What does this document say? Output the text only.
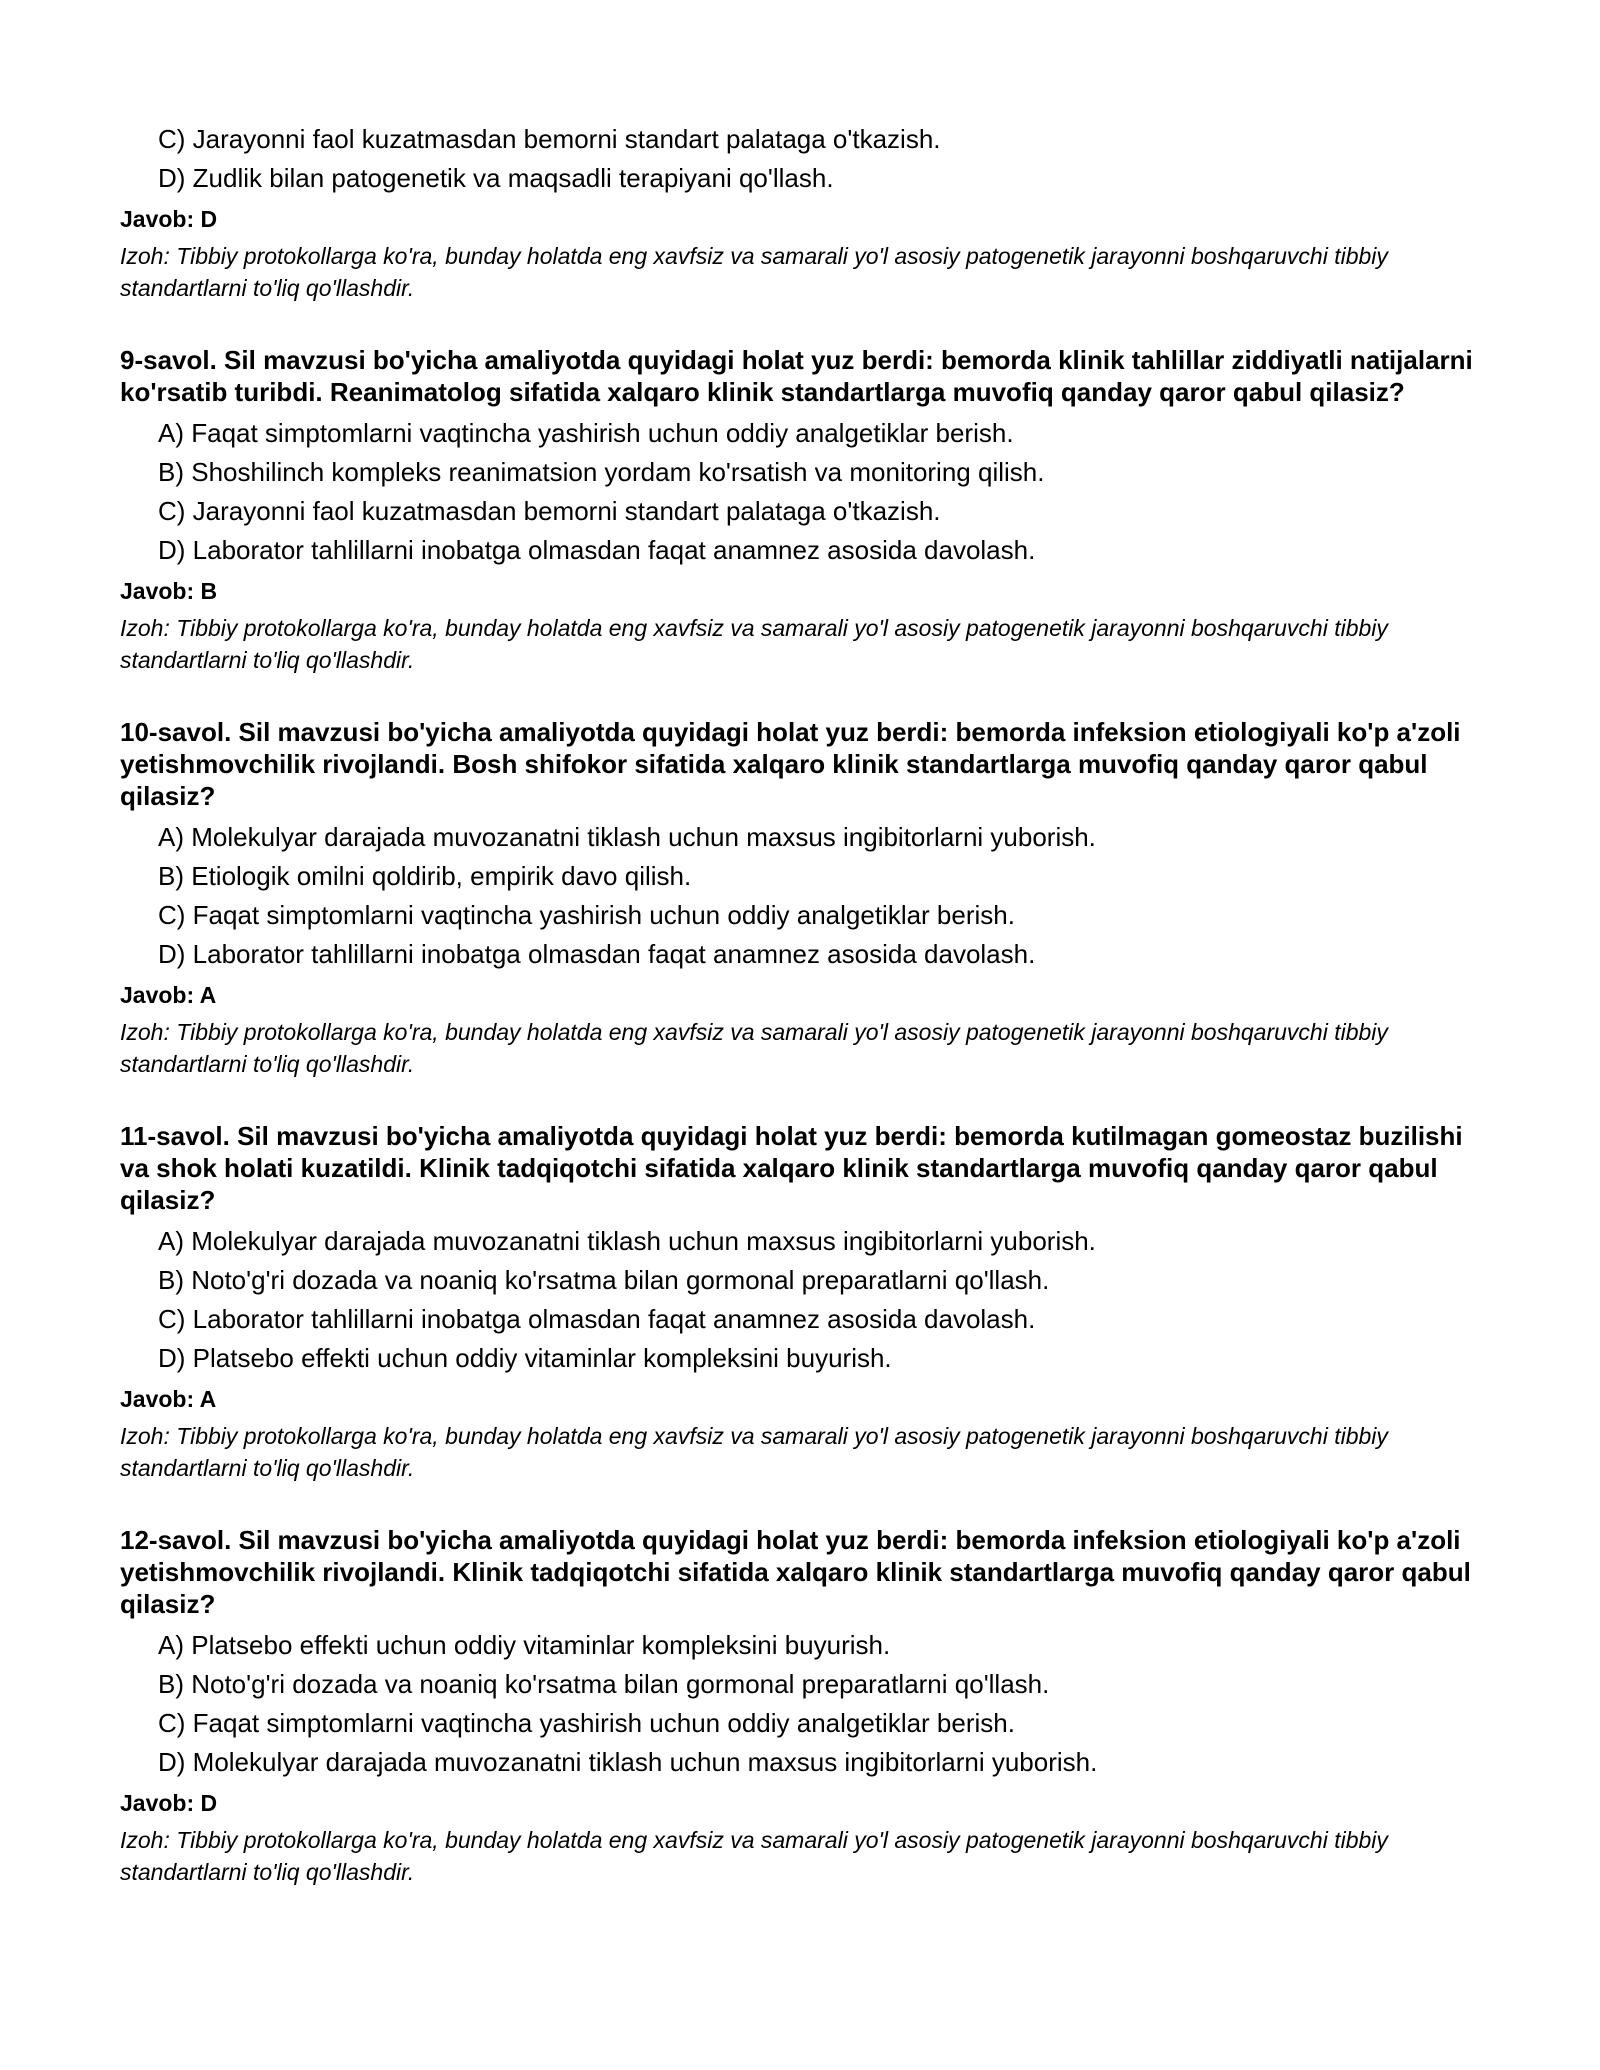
C) Jarayonni faol kuzatmasdan bemorni standart palataga o'tkazish.

D) Zudlik bilan patogenetik va maqsadli terapiyani qo'llash.

Javob: D

Izoh: Tibbiy protokollarga ko'ra, bunday holatda eng xavfsiz va samarali yo'l asosiy patogenetik jarayonni boshqaruvchi tibbiy standartlarni to'liq qo'llashdir.

9-savol. Sil mavzusi bo'yicha amaliyotda quyidagi holat yuz berdi: bemorda klinik tahlillar ziddiyatli natijalarni ko'rsatib turibdi. Reanimatolog sifatida xalqaro klinik standartlarga muvofiq qanday qaror qabul qilasiz?

A) Faqat simptomlarni vaqtincha yashirish uchun oddiy analgetiklar berish.

B) Shoshilinch kompleks reanimatsion yordam ko'rsatish va monitoring qilish.

C) Jarayonni faol kuzatmasdan bemorni standart palataga o'tkazish.

D) Laborator tahlillarni inobatga olmasdan faqat anamnez asosida davolash.

Javob: B

Izoh: Tibbiy protokollarga ko'ra, bunday holatda eng xavfsiz va samarali yo'l asosiy patogenetik jarayonni boshqaruvchi tibbiy standartlarni to'liq qo'llashdir.

10-savol. Sil mavzusi bo'yicha amaliyotda quyidagi holat yuz berdi: bemorda infeksion etiologiyali ko'p a'zoli yetishmovchilik rivojlandi. Bosh shifokor sifatida xalqaro klinik standartlarga muvofiq qanday qaror qabul qilasiz?

A) Molekulyar darajada muvozanatni tiklash uchun maxsus ingibitorlarni yuborish.

B) Etiologik omilni qoldirib, empirik davo qilish.

C) Faqat simptomlarni vaqtincha yashirish uchun oddiy analgetiklar berish.

D) Laborator tahlillarni inobatga olmasdan faqat anamnez asosida davolash.

Javob: A

Izoh: Tibbiy protokollarga ko'ra, bunday holatda eng xavfsiz va samarali yo'l asosiy patogenetik jarayonni boshqaruvchi tibbiy standartlarni to'liq qo'llashdir.

11-savol. Sil mavzusi bo'yicha amaliyotda quyidagi holat yuz berdi: bemorda kutilmagan gomeostaz buzilishi va shok holati kuzatildi. Klinik tadqiqotchi sifatida xalqaro klinik standartlarga muvofiq qanday qaror qabul qilasiz?

A) Molekulyar darajada muvozanatni tiklash uchun maxsus ingibitorlarni yuborish.

B) Noto'g'ri dozada va noaniq ko'rsatma bilan gormonal preparatlarni qo'llash.

C) Laborator tahlillarni inobatga olmasdan faqat anamnez asosida davolash.

D) Platsebo effekti uchun oddiy vitaminlar kompleksini buyurish.

Javob: A

Izoh: Tibbiy protokollarga ko'ra, bunday holatda eng xavfsiz va samarali yo'l asosiy patogenetik jarayonni boshqaruvchi tibbiy standartlarni to'liq qo'llashdir.

12-savol. Sil mavzusi bo'yicha amaliyotda quyidagi holat yuz berdi: bemorda infeksion etiologiyali ko'p a'zoli yetishmovchilik rivojlandi. Klinik tadqiqotchi sifatida xalqaro klinik standartlarga muvofiq qanday qaror qabul qilasiz?

A) Platsebo effekti uchun oddiy vitaminlar kompleksini buyurish.

B) Noto'g'ri dozada va noaniq ko'rsatma bilan gormonal preparatlarni qo'llash.

C) Faqat simptomlarni vaqtincha yashirish uchun oddiy analgetiklar berish.

D) Molekulyar darajada muvozanatni tiklash uchun maxsus ingibitorlarni yuborish.

Javob: D

Izoh: Tibbiy protokollarga ko'ra, bunday holatda eng xavfsiz va samarali yo'l asosiy patogenetik jarayonni boshqaruvchi tibbiy standartlarni to'liq qo'llashdir.
